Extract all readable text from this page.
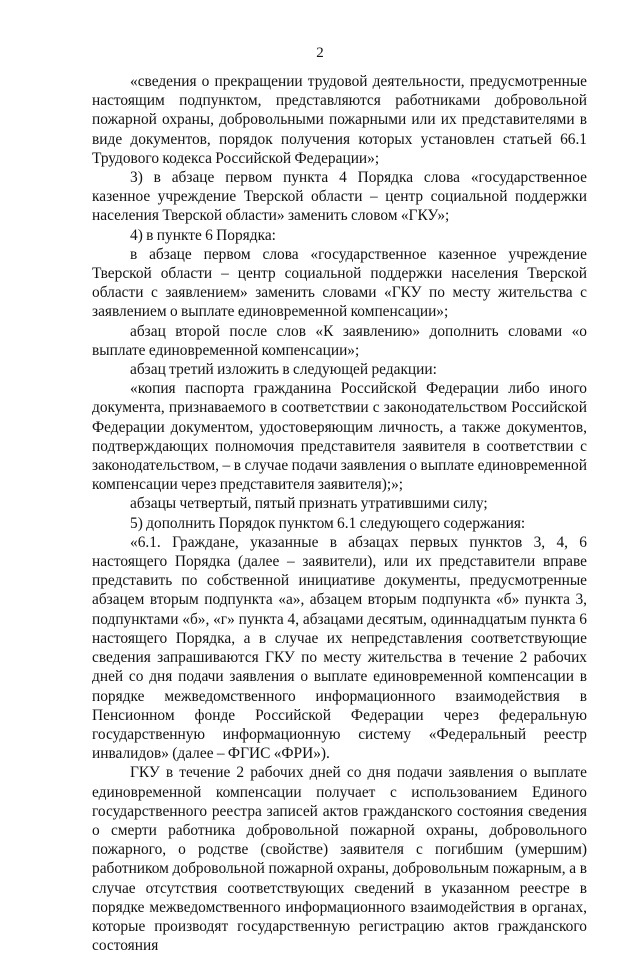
2

«сведения о прекращении трудовой деятельности, предусмотренные настоящим подпунктом, представляются работниками добровольной пожарной охраны, добровольными пожарными или их представителями в виде документов, порядок получения которых установлен статьей 66.1 Трудового кодекса Российской Федерации»;

3) в абзаце первом пункта 4 Порядка слова «государственное казенное учреждение Тверской области – центр социальной поддержки населения Тверской области» заменить словом «ГКУ»;

4) в пункте 6 Порядка:

в абзаце первом слова «государственное казенное учреждение Тверской области – центр социальной поддержки населения Тверской области с заявлением» заменить словами «ГКУ по месту жительства с заявлением о выплате единовременной компенсации»;

абзац второй после слов «К заявлению» дополнить словами «о выплате единовременной компенсации»;

абзац третий изложить в следующей редакции:

«копия паспорта гражданина Российской Федерации либо иного документа, признаваемого в соответствии с законодательством Российской Федерации документом, удостоверяющим личность, а также документов, подтверждающих полномочия представителя заявителя в соответствии с законодательством, – в случае подачи заявления о выплате единовременной компенсации через представителя заявителя);»;

абзацы четвертый, пятый признать утратившими силу;

5) дополнить Порядок пунктом 6.1 следующего содержания:

«6.1. Граждане, указанные в абзацах первых пунктов 3, 4, 6 настоящего Порядка (далее – заявители), или их представители вправе представить по собственной инициативе документы, предусмотренные абзацем вторым подпункта «а», абзацем вторым подпункта «б» пункта 3, подпунктами «б», «г» пункта 4, абзацами десятым, одиннадцатым пункта 6 настоящего Порядка, а в случае их непредставления соответствующие сведения запрашиваются ГКУ по месту жительства в течение 2 рабочих дней со дня подачи заявления о выплате единовременной компенсации в порядке межведомственного информационного взаимодействия в Пенсионном фонде Российской Федерации через федеральную государственную информационную систему «Федеральный реестр инвалидов» (далее – ФГИС «ФРИ»).

ГКУ в течение 2 рабочих дней со дня подачи заявления о выплате единовременной компенсации получает с использованием Единого государственного реестра записей актов гражданского состояния сведения о смерти работника добровольной пожарной охраны, добровольного пожарного, о родстве (свойстве) заявителя с погибшим (умершим) работником добровольной пожарной охраны, добровольным пожарным, а в случае отсутствия соответствующих сведений в указанном реестре в порядке межведомственного информационного взаимодействия в органах, которые производят государственную регистрацию актов гражданского состояния
